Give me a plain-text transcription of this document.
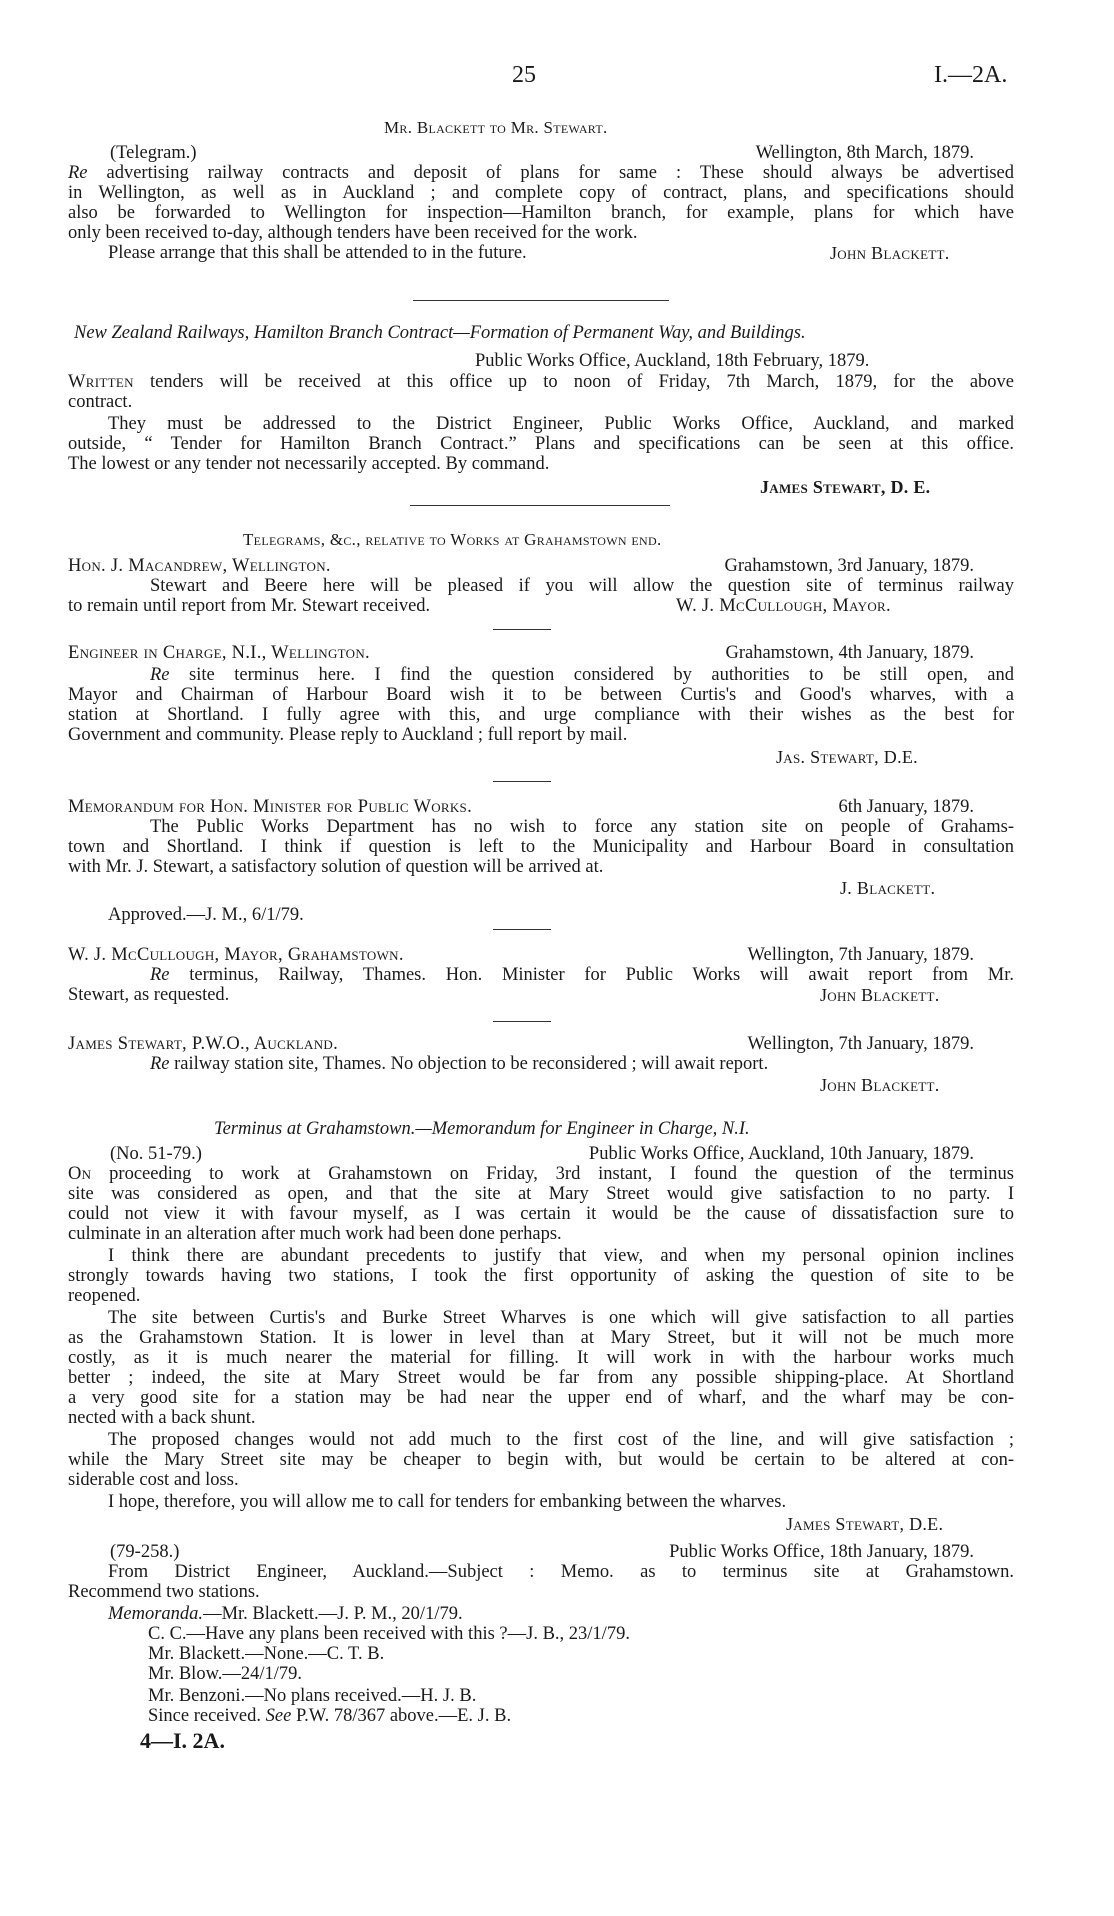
25	I.—2A.
Mr. Blackett to Mr. Stewart.
(Telegram.)	Wellington, 8th March, 1879.
Re advertising railway contracts and deposit of plans for same : These should always be advertised
in Wellington, as well as in Auckland ; and complete copy of contract, plans, and specifications should
also be forwarded to Wellington for inspection—Hamilton branch, for example, plans for which have
only been received to-day, although tenders have been received for the work.
Please arrange that this shall be attended to in the future.	John Blackett.
New Zealand Railways, Hamilton Branch Contract—Formation of Permanent Way, and Buildings.
Public Works Office, Auckland, 18th February, 1879.
Written tenders will be received at this office up to noon of Friday, 7th March, 1879, for the above
contract.
They must be addressed to the District Engineer, Public Works Office, Auckland, and marked
outside, “ Tender for Hamilton Branch Contract.” Plans and specifications can be seen at this office.
The lowest or any tender not necessarily accepted. By command.
James Stewart, D. E.
Telegrams, &c., relative to Works at Grahamstown end.
Hon. J. Macandrew, Wellington.	Grahamstown, 3rd January, 1879.
Stewart and Beere here will be pleased if you will allow the question site of terminus railway
to remain until report from Mr. Stewart received.	W. J. McCullough, Mayor.
Engineer in Charge, N.I., Wellington.	Grahamstown, 4th January, 1879.
Re site terminus here. I find the question considered by authorities to be still open, and
Mayor and Chairman of Harbour Board wish it to be between Curtis's and Good's wharves, with a
station at Shortland. I fully agree with this, and urge compliance with their wishes as the best for
Government and community. Please reply to Auckland ; full report by mail.
Jas. Stewart, D.E.
Memorandum for Hon. Minister for Public Works.	6th January, 1879.
The Public Works Department has no wish to force any station site on people of Grahams-
town and Shortland. I think if question is left to the Municipality and Harbour Board in consultation
with Mr. J. Stewart, a satisfactory solution of question will be arrived at.
J. Blackett.
Approved.—J. M., 6/1/79.
W. J. McCullough, Mayor, Grahamstown.	Wellington, 7th January, 1879.
Re terminus, Railway, Thames. Hon. Minister for Public Works will await report from Mr.
Stewart, as requested.	John Blackett.
James Stewart, P.W.O., Auckland.	Wellington, 7th January, 1879.
Re railway station site, Thames. No objection to be reconsidered ; will await report.
John Blackett.
Terminus at Grahamstown.—Memorandum for Engineer in Charge, N.I.
(No. 51-79.)	Public Works Office, Auckland, 10th January, 1879.
On proceeding to work at Grahamstown on Friday, 3rd instant, I found the question of the terminus
site was considered as open, and that the site at Mary Street would give satisfaction to no party. I
could not view it with favour myself, as I was certain it would be the cause of dissatisfaction sure to
culminate in an alteration after much work had been done perhaps.
I think there are abundant precedents to justify that view, and when my personal opinion inclines
strongly towards having two stations, I took the first opportunity of asking the question of site to be
reopened.
The site between Curtis's and Burke Street Wharves is one which will give satisfaction to all parties
as the Grahamstown Station. It is lower in level than at Mary Street, but it will not be much more
costly, as it is much nearer the material for filling. It will work in with the harbour works much
better ; indeed, the site at Mary Street would be far from any possible shipping-place. At Shortland
a very good site for a station may be had near the upper end of wharf, and the wharf may be con-
nected with a back shunt.
The proposed changes would not add much to the first cost of the line, and will give satisfaction ;
while the Mary Street site may be cheaper to begin with, but would be certain to be altered at con-
siderable cost and loss.
I hope, therefore, you will allow me to call for tenders for embanking between the wharves.
James Stewart, D.E.
(79-258.)	Public Works Office, 18th January, 1879.
From District Engineer, Auckland.—Subject : Memo. as to terminus site at Grahamstown.
Recommend two stations.
Memoranda.—Mr. Blackett.—J. P. M., 20/1/79.
C. C.—Have any plans been received with this ?—J. B., 23/1/79.
Mr. Blackett.—None.—C. T. B.
Mr. Blow.—24/1/79.
Mr. Benzoni.—No plans received.—H. J. B.
Since received. See P.W. 78/367 above.—E. J. B.
4—I. 2A.
